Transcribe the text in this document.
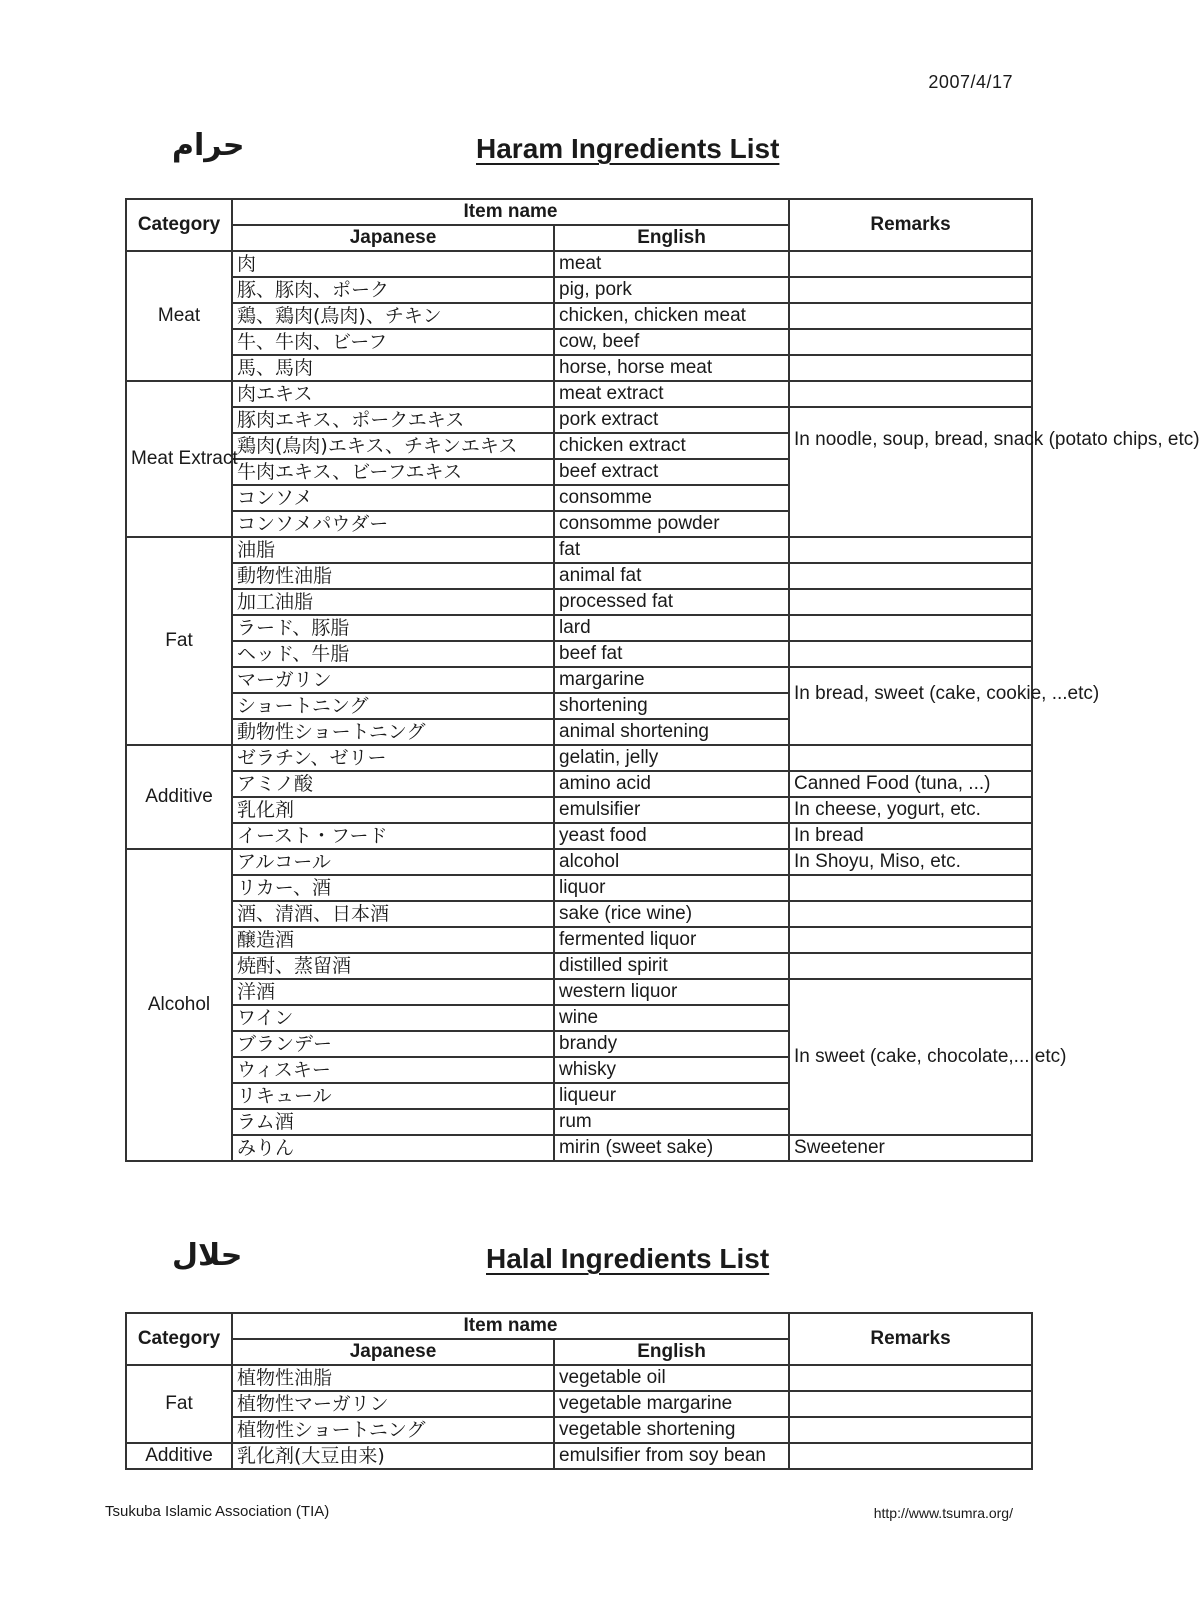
2007/4/17
حرام	Haram Ingredients List
Category	Item name		Remarks
	Japanese	English	
Meat	肉	meat	
	豚、豚肉、ポーク	pig, pork	
	鶏、鶏肉(鳥肉)、チキン	chicken, chicken meat	
	牛、牛肉、ビーフ	cow, beef	
	馬、馬肉	horse, horse meat	
Meat Extract	肉エキス	meat extract	
	豚肉エキス、ポークエキス	pork extract	In noodle, soup, bread, snack (potato chips, etc)
	鶏肉(鳥肉)エキス、チキンエキス	chicken extract	
	牛肉エキス、ビーフエキス	beef extract	
	コンソメ	consomme	
	コンソメパウダー	consomme powder	
Fat	油脂	fat	
	動物性油脂	animal fat	
	加工油脂	processed fat	
	ラード、豚脂	lard	
	ヘッド、牛脂	beef fat	
	マーガリン	margarine	In bread, sweet (cake, cookie, ...etc)
	ショートニング	shortening	
	動物性ショートニング	animal shortening	
Additive	ゼラチン、ゼリー	gelatin, jelly	
	アミノ酸	amino acid	Canned Food (tuna, ...)
	乳化剤	emulsifier	In cheese, yogurt, etc.
	イースト・フード	yeast food	In bread
Alcohol	アルコール	alcohol	In Shoyu, Miso, etc.
	リカー、酒	liquor	
	酒、清酒、日本酒	sake (rice wine)	
	醸造酒	fermented liquor	
	焼酎、蒸留酒	distilled spirit	
	洋酒	western liquor	In sweet (cake, chocolate,... etc)
	ワイン	wine	
	ブランデー	brandy	
	ウィスキー	whisky	
	リキュール	liqueur	
	ラム酒	rum	
	みりん	mirin (sweet sake)	Sweetener
حلال	Halal Ingredients List
Category	Item name		Remarks
	Japanese	English	
Fat	植物性油脂	vegetable oil	
	植物性マーガリン	vegetable margarine	
	植物性ショートニング	vegetable shortening	
Additive	乳化剤(大豆由来)	emulsifier from soy bean	
Tsukuba Islamic Association (TIA)	http://www.tsumra.org/
